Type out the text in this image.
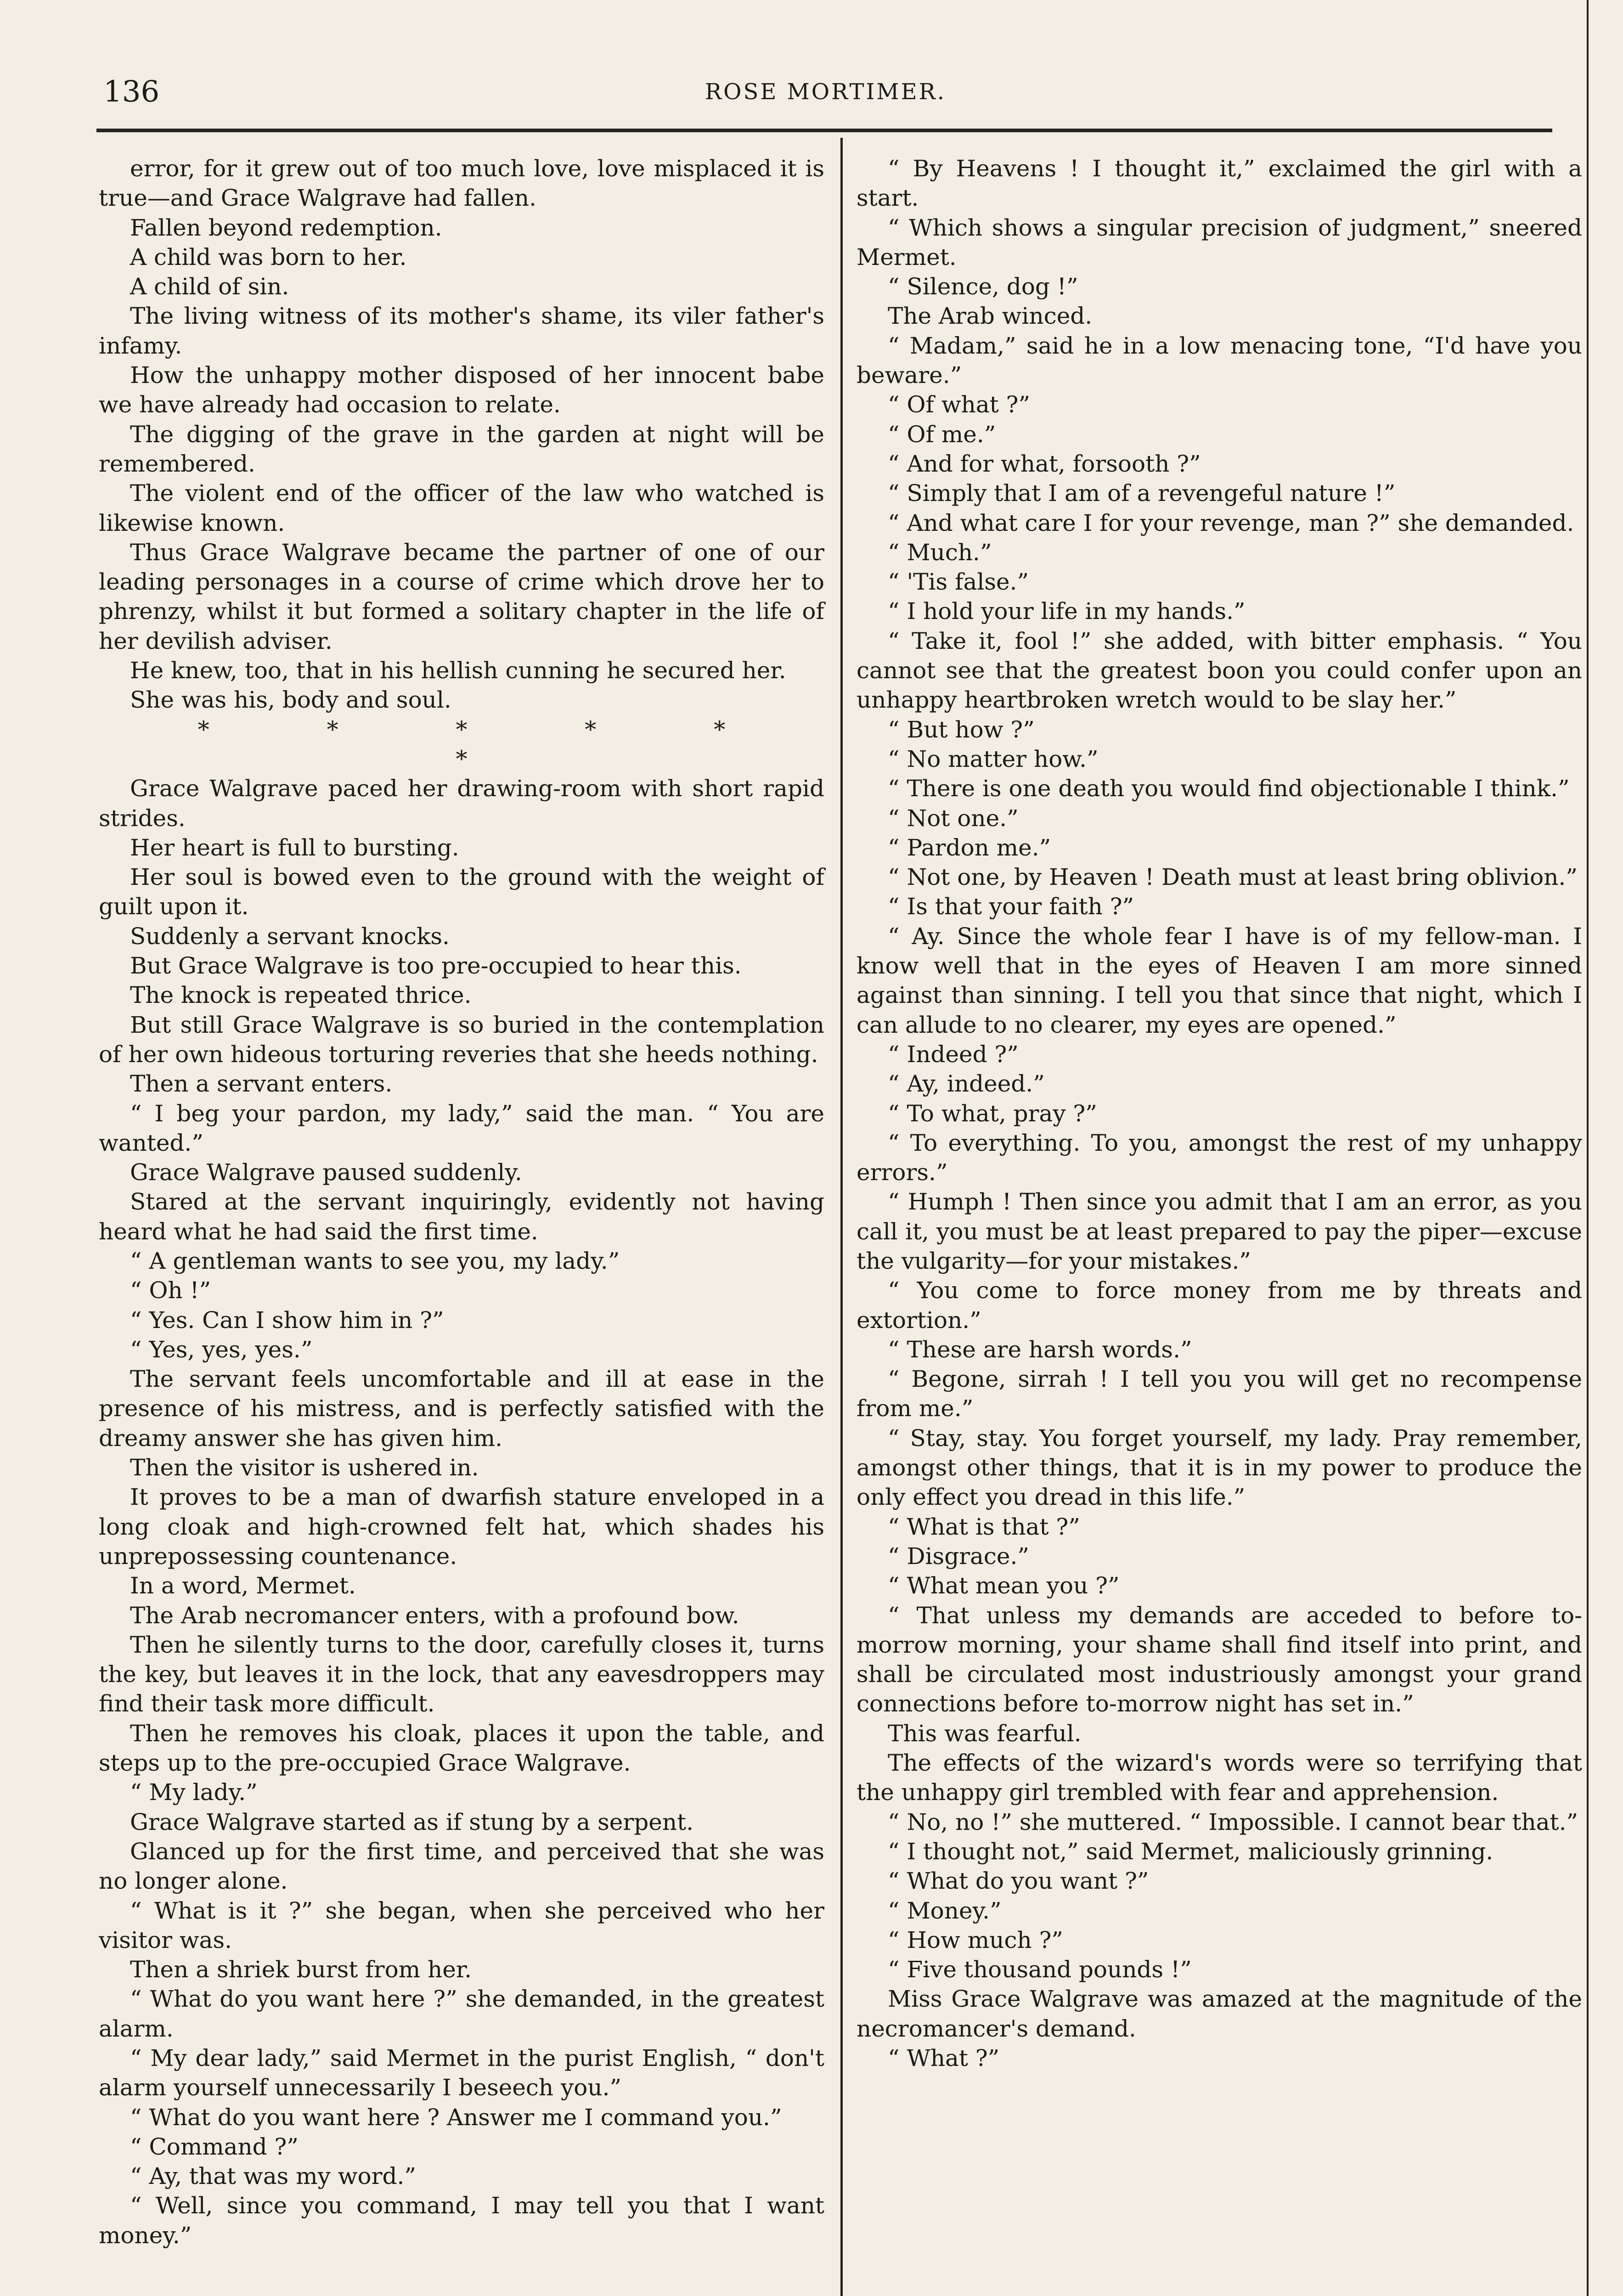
136	ROSE MORTIMER.

error, for it grew out of too much love, love misplaced it is true—and Grace Walgrave had fallen.

Fallen beyond redemption.

A child was born to her.

A child of sin.

The living witness of its mother's shame, its viler father's infamy.

How the unhappy mother disposed of her innocent babe we have already had occasion to relate.

The digging of the grave in the garden at night will be remembered.

The violent end of the officer of the law who watched is likewise known.

Thus Grace Walgrave became the partner of one of our leading personages in a course of crime which drove her to phrenzy, whilst it but formed a solitary chapter in the life of her devilish adviser.

He knew, too, that in his hellish cunning he secured her.

She was his, body and soul.

* * * * * *

Grace Walgrave paced her drawing-room with short rapid strides.

Her heart is full to bursting.

Her soul is bowed even to the ground with the weight of guilt upon it.

Suddenly a servant knocks.

But Grace Walgrave is too pre-occupied to hear this.

The knock is repeated thrice.

But still Grace Walgrave is so buried in the contemplation of her own hideous torturing reveries that she heeds nothing.

Then a servant enters.

“ I beg your pardon, my lady,” said the man. “ You are wanted.”

Grace Walgrave paused suddenly.

Stared at the servant inquiringly, evidently not having heard what he had said the first time.

“ A gentleman wants to see you, my lady.”

“ Oh !”

“ Yes. Can I show him in ?”

“ Yes, yes, yes.”

The servant feels uncomfortable and ill at ease in the presence of his mistress, and is perfectly satisfied with the dreamy answer she has given him.

Then the visitor is ushered in.

It proves to be a man of dwarfish stature enveloped in a long cloak and high-crowned felt hat, which shades his unprepossessing countenance.

In a word, Mermet.

The Arab necromancer enters, with a profound bow.

Then he silently turns to the door, carefully closes it, turns the key, but leaves it in the lock, that any eavesdroppers may find their task more difficult.

Then he removes his cloak, places it upon the table, and steps up to the pre-occupied Grace Walgrave.

“ My lady.”

Grace Walgrave started as if stung by a serpent.

Glanced up for the first time, and perceived that she was no longer alone.

“ What is it ?” she began, when she perceived who her visitor was.

Then a shriek burst from her.

“ What do you want here ?” she demanded, in the greatest alarm.

“ My dear lady,” said Mermet in the purist English, “ don't alarm yourself unnecessarily I beseech you.”

“ What do you want here ? Answer me I command you.”

“ Command ?”

“ Ay, that was my word.”

“ Well, since you command, I may tell you that I want money.”

“ By Heavens ! I thought it,” exclaimed the girl with a start.

“ Which shows a singular precision of judgment,” sneered Mermet.

“ Silence, dog !”

The Arab winced.

“ Madam,” said he in a low menacing tone, “I'd have you beware.”

“ Of what ?”

“ Of me.”

“ And for what, forsooth ?”

“ Simply that I am of a revengeful nature !”

“ And what care I for your revenge, man ?” she demanded.

“ Much.”

“ 'Tis false.”

“ I hold your life in my hands.”

“ Take it, fool !” she added, with bitter emphasis. “ You cannot see that the greatest boon you could confer upon an unhappy heartbroken wretch would to be slay her.”

“ But how ?”

“ No matter how.”

“ There is one death you would find objectionable I think.”

“ Not one.”

“ Pardon me.”

“ Not one, by Heaven ! Death must at least bring oblivion.”

“ Is that your faith ?”

“ Ay. Since the whole fear I have is of my fellow-man. I know well that in the eyes of Heaven I am more sinned against than sinning. I tell you that since that night, which I can allude to no clearer, my eyes are opened.”

“ Indeed ?”

“ Ay, indeed.”

“ To what, pray ?”

“ To everything. To you, amongst the rest of my unhappy errors.”

“ Humph ! Then since you admit that I am an error, as you call it, you must be at least prepared to pay the piper—excuse the vulgarity—for your mistakes.”

“ You come to force money from me by threats and extortion.”

“ These are harsh words.”

“ Begone, sirrah ! I tell you you will get no recompense from me.”

“ Stay, stay. You forget yourself, my lady. Pray remember, amongst other things, that it is in my power to produce the only effect you dread in this life.”

“ What is that ?”

“ Disgrace.”

“ What mean you ?”

“ That unless my demands are acceded to before to-morrow morning, your shame shall find itself into print, and shall be circulated most industriously amongst your grand connections before to-morrow night has set in.”

This was fearful.

The effects of the wizard's words were so terrifying that the unhappy girl trembled with fear and apprehension.

“ No, no !” she muttered. “ Impossible. I cannot bear that.”

“ I thought not,” said Mermet, maliciously grinning.

“ What do you want ?”

“ Money.”

“ How much ?”

“ Five thousand pounds !”

Miss Grace Walgrave was amazed at the magnitude of the necromancer's demand.

“ What ?”
